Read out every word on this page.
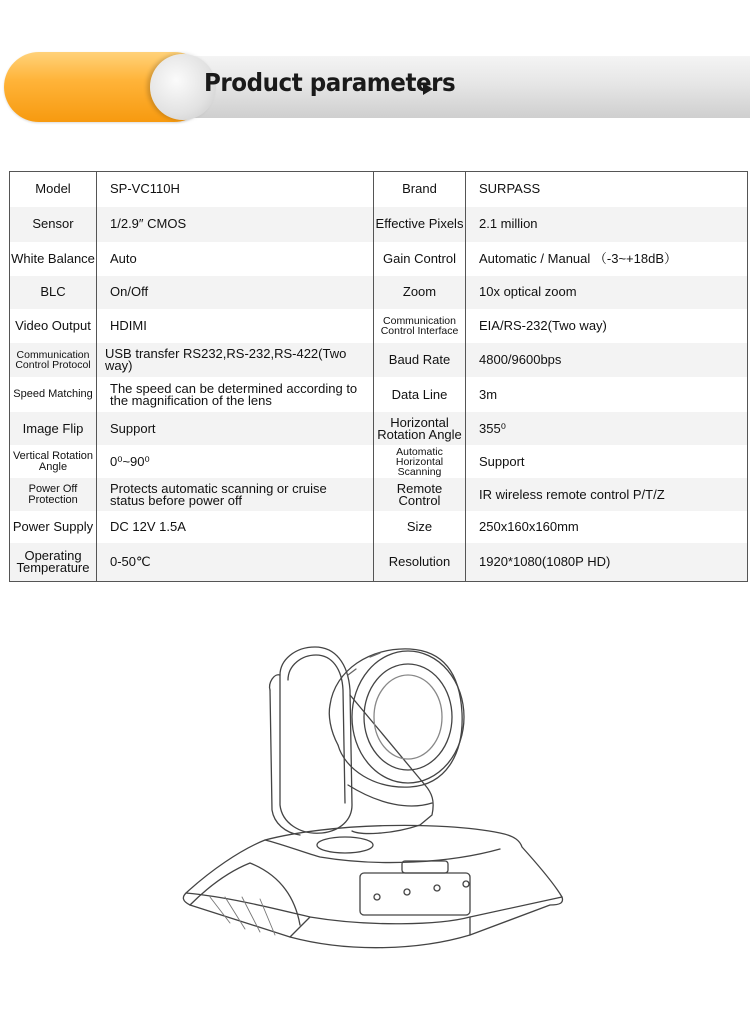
Product parameters
Model	SP-VC110H	Brand	SURPASS
Sensor	1/2.9″ CMOS	Effective Pixels	2.1 million
White Balance	Auto	Gain Control	Automatic / Manual （-3~+18dB）
BLC	On/Off	Zoom	10x optical zoom
Video Output	HDIMI	Communication Control Interface	EIA/RS-232(Two way)
Communication Control Protocol	USB transfer RS232,RS-232,RS-422(Two way)	Baud Rate	4800/9600bps
Speed Matching	The speed can be determined according to the magnification of the lens	Data Line	3m
Image Flip	Support	Horizontal Rotation Angle	355⁰
Vertical Rotation Angle	0⁰~90⁰	Automatic Horizontal Scanning	Support
Power Off Protection	Protects automatic scanning or cruise status before power off	Remote Control	IR wireless remote control P/T/Z
Power Supply	DC 12V 1.5A	Size	250x160x160mm
Operating Temperature	0-50℃	Resolution	1920*1080(1080P HD)
